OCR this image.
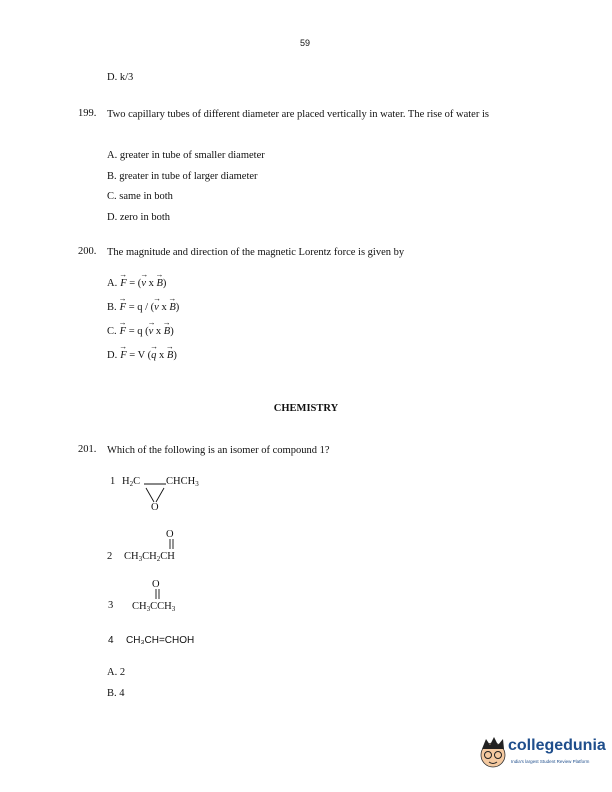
59
D. k/3
199. Two capillary tubes of different diameter are placed vertically in water. The rise of water is
A. greater in tube of smaller diameter
B. greater in tube of larger diameter
C. same in both
D. zero in both
200. The magnitude and direction of the magnetic Lorentz force is given by
A. → F = (→ v x → B)
B. → F = q / (→ v x → B)
C. → F = q (→ v x → B)
D. → F = V (→ q x → B)
CHEMISTRY
201. Which of the following is an isomer of compound 1?
1 $H_2C$ $CHCH_3$
O
O
2 $CH_3CH_2CH$
O
3 $CH_3CCH_3$
4 CH₃CH=CHOH
A. 2
B. 4
collegedunia
India's largest Student Review Platform
